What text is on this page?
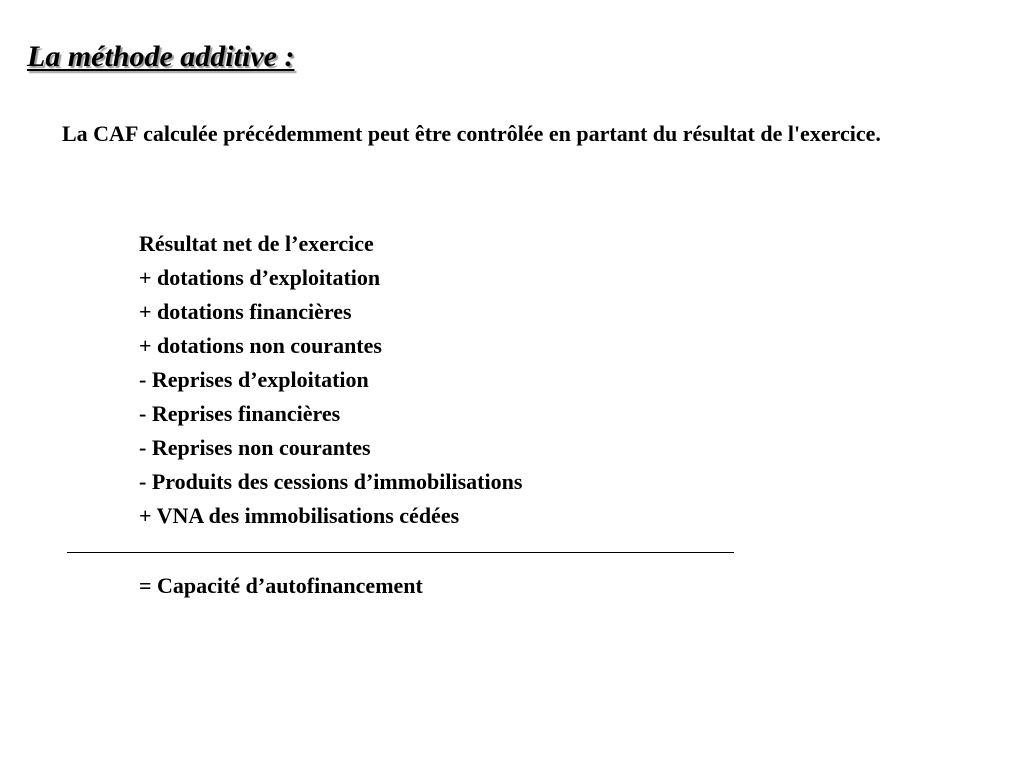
La méthode additive :

La CAF calculée précédemment peut être contrôlée en partant du résultat de l'exercice.

Résultat net de l’exercice
+ dotations d’exploitation
+ dotations financières
+ dotations non courantes
- Reprises d’exploitation
- Reprises financières
- Reprises non courantes
- Produits des cessions d’immobilisations
+ VNA des immobilisations cédées

= Capacité d’autofinancement
